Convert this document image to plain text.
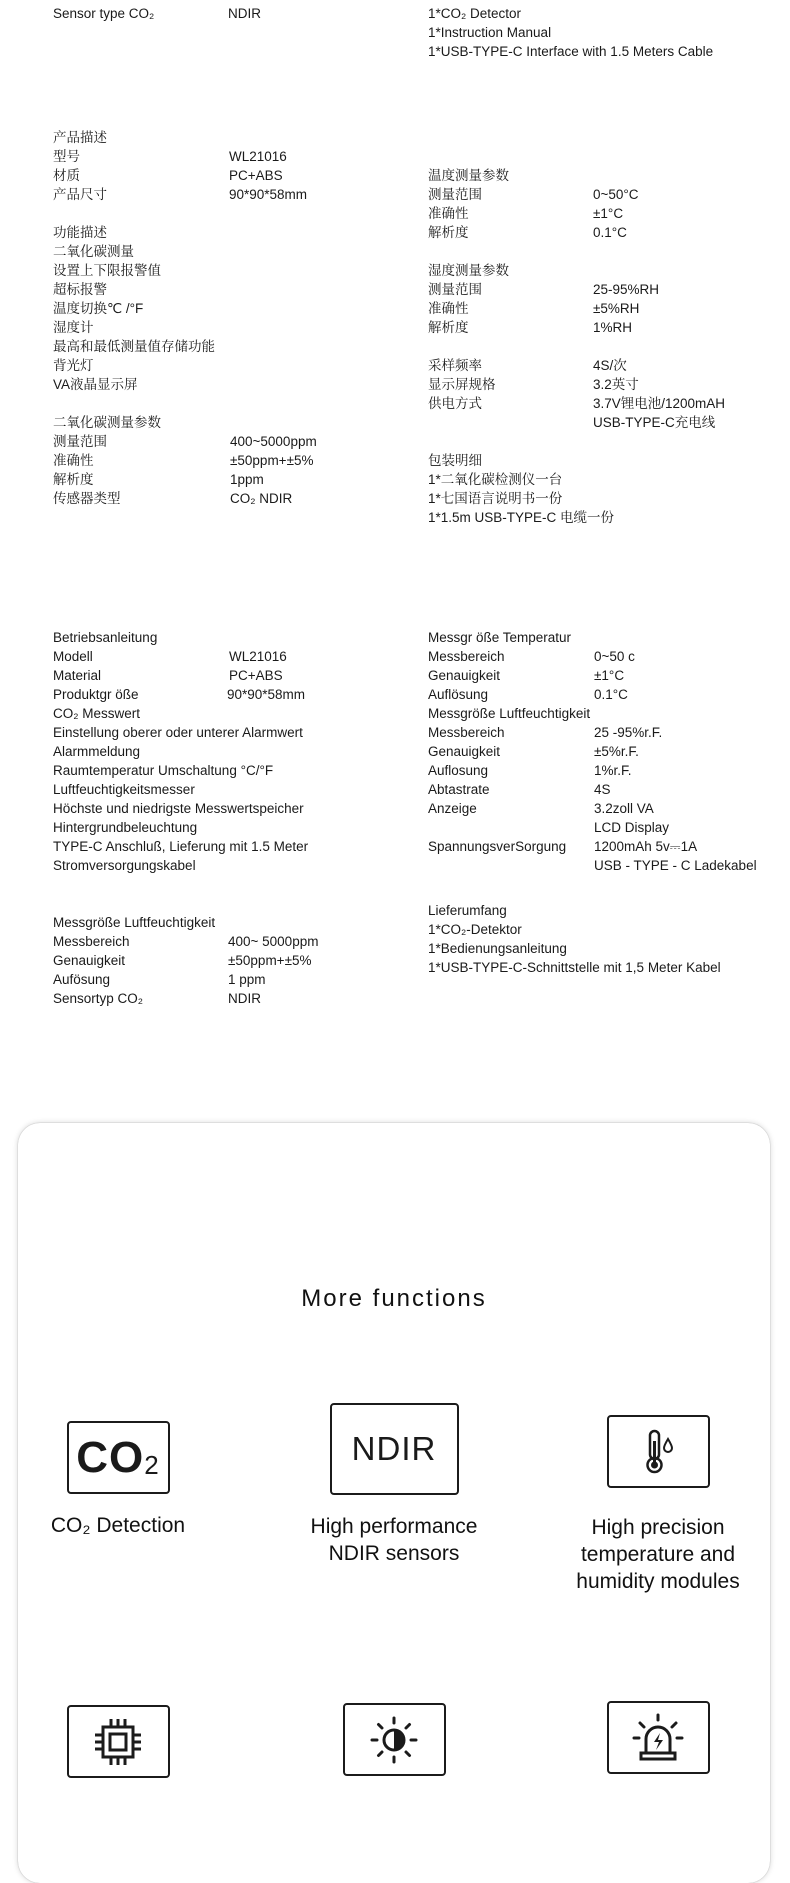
Sensor type CO₂	NDIR	1*CO₂ Detector
1*Instruction Manual
1*USB-TYPE-C Interface with 1.5 Meters Cable
产品描述
型号	WL21016
材质	PC+ABS
产品尺寸	90*90*58mm
功能描述
二氧化碳测量
设置上下限报警值
超标报警
温度切换℃ /°F
湿度计
最高和最低测量值存储功能
背光灯
VA液晶显示屏
二氧化碳测量参数
测量范围	400~5000ppm
准确性	±50ppm+±5%
解析度	1ppm
传感器类型	CO₂ NDIR
温度测量参数
测量范围	0~50°C
准确性	±1°C
解析度	0.1°C
湿度测量参数
测量范围	25-95%RH
准确性	±5%RH
解析度	1%RH
采样频率	4S/次
显示屏规格	3.2英寸
供电方式	3.7V锂电池/1200mAH
USB-TYPE-C充电线
包装明细
1*二氧化碳检测仪一台
1*七国语言说明书一份
1*1.5m USB-TYPE-C 电缆一份
Betriebsanleitung
Modell	WL21016
Material	PC+ABS
Produktgr öße	90*90*58mm
CO₂ Messwert
Einstellung oberer oder unterer Alarmwert
Alarmmeldung
Raumtemperatur Umschaltung °C/°F
Luftfeuchtigkeitsmesser
Höchste und niedrigste Messwertspeicher
Hintergrundbeleuchtung
TYPE-C Anschluß, Lieferung mit 1.5 Meter
Stromversorgungskabel
Messgröße Luftfeuchtigkeit
Messbereich	400~ 5000ppm
Genauigkeit	±50ppm+±5%
Aufösung	1 ppm
Sensortyp CO₂	NDIR
Messgr öße Temperatur
Messbereich	0~50 c
Genauigkeit	±1°C
Auflösung	0.1°C
Messgröße Luftfeuchtigkeit
Messbereich	25 -95%r.F.
Genauigkeit	±5%r.F.
Auflosung	1%r.F.
Abtastrate	4S
Anzeige	3.2zoll VA
LCD Display
SpannungsverSorgung 1200mAh 5v⎓1A
USB - TYPE - C Ladekabel
Lieferumfang
1*CO₂-Detektor
1*Bedienungsanleitung
1*USB-TYPE-C-Schnittstelle mit 1,5 Meter Kabel
More functions
$CO_2$
CO₂ Detection
NDIR
High performance
NDIR sensors
High precision
temperature and
humidity modules
